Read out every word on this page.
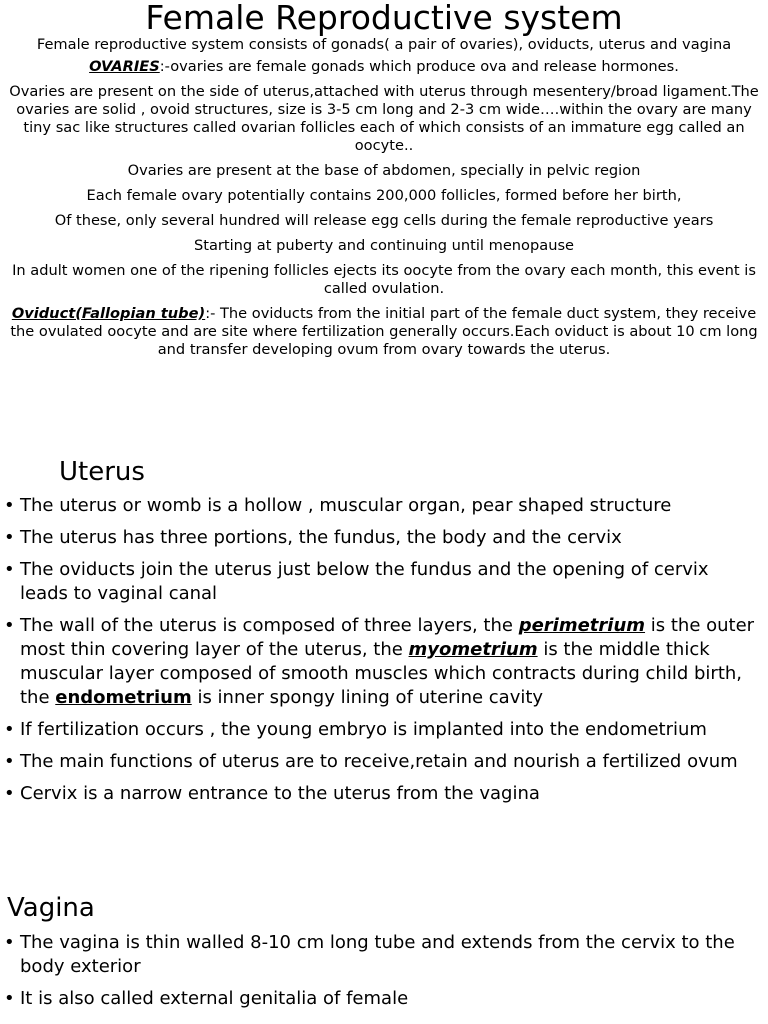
Female Reproductive system

Female reproductive system consists of gonads( a pair of ovaries), oviducts, uterus and vagina

OVARIES:-ovaries are female gonads which produce ova and release hormones.

Ovaries are present on the side of uterus,attached with uterus through mesentery/broad ligament.The ovaries are solid , ovoid structures, size is 3-5 cm long and 2-3 cm wide….within the ovary are many tiny sac like structures called ovarian follicles each of which consists of an immature egg called an oocyte..

Ovaries are present at the base of abdomen, specially in pelvic region

Each female ovary potentially contains 200,000 follicles, formed before her birth,

Of these, only several hundred will release egg cells during the female reproductive years

Starting at puberty and continuing until menopause

In adult women one of the ripening follicles ejects its oocyte from the ovary each month, this event is called ovulation.

Oviduct(Fallopian tube):- The oviducts from the initial part of the female duct system, they receive the ovulated oocyte and are site where fertilization generally occurs.Each oviduct is about 10 cm long and transfer developing ovum from ovary towards the uterus.

Uterus
• The uterus or womb is a hollow , muscular organ, pear shaped structure
• The uterus has three portions, the fundus, the body and the cervix
• The oviducts join the uterus just below the fundus and the opening of cervix leads to vaginal canal
• The wall of the uterus is composed of three layers, the perimetrium is the outer most thin covering layer of the uterus, the myometrium is the middle thick muscular layer composed of smooth muscles which contracts during child birth, the endometrium is inner spongy lining of uterine cavity
• If fertilization occurs , the young embryo is implanted into the endometrium
• The main functions of uterus are to receive,retain and nourish a fertilized ovum
• Cervix is a narrow entrance to the uterus from the vagina
Vagina
• The vagina is thin walled 8-10 cm long tube and extends from the cervix to the body exterior
• It is also called external genitalia of female
